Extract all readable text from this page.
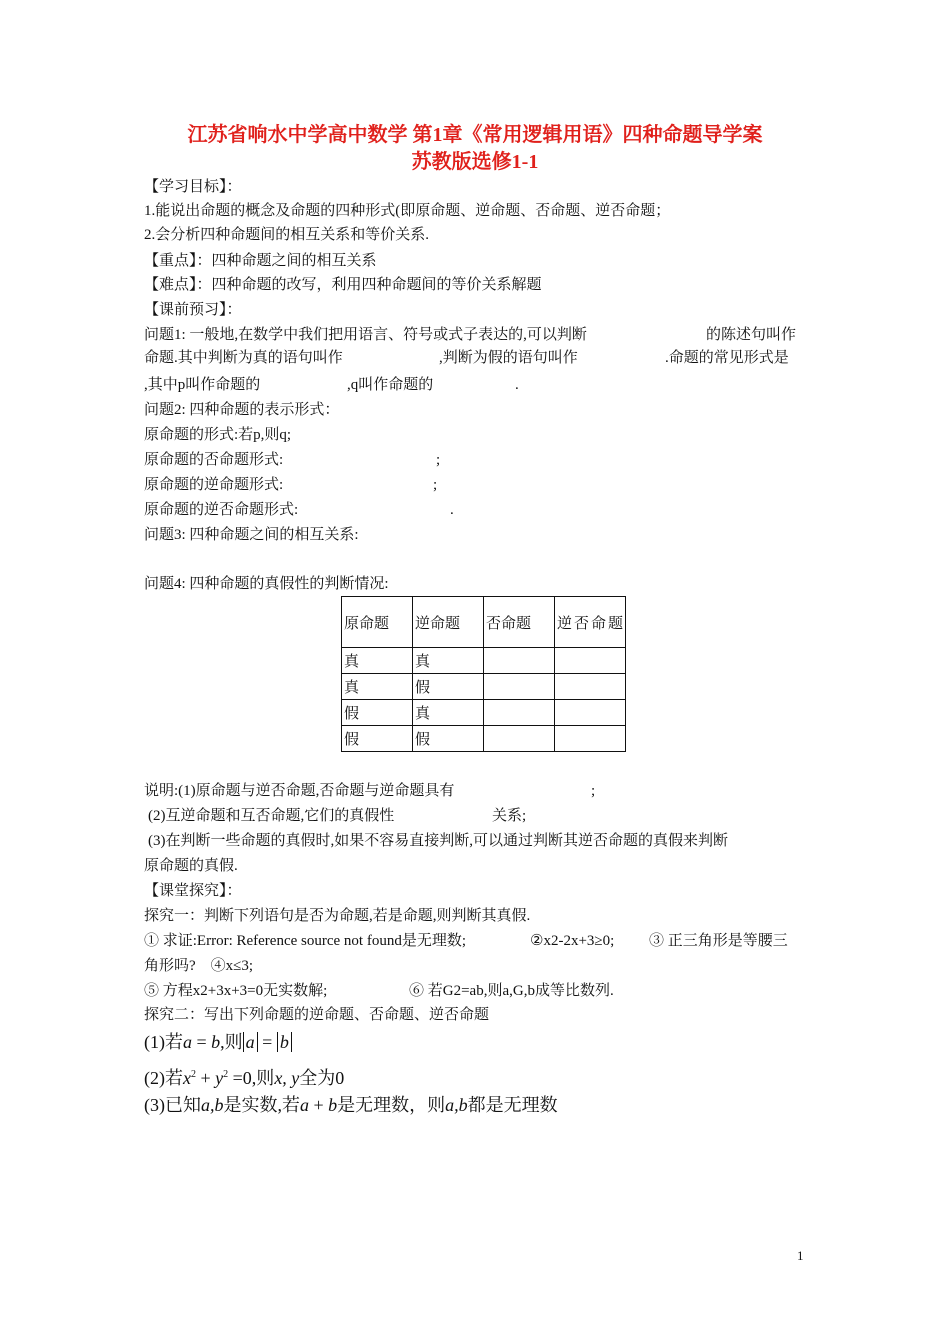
江苏省响水中学高中数学 第1章《常用逻辑用语》四种命题导学案
苏教版选修1-1
【学习目标】：
1.能说出命题的概念及命题的四种形式(即原命题、逆命题、否命题、逆否命题；
2.会分析四种命题间的相互关系和等价关系.
【重点】：四种命题之间的相互关系
【难点】：四种命题的改写，利用四种命题间的等价关系解题
【课前预习】：
问题1: 一般地,在数学中我们把用语言、符号或式子表达的,可以判断	的陈述句叫作
命题.其中判断为真的语句叫作	,判断为假的语句叫作	.命题的常见形式是
,其中p叫作命题的	,q叫作命题的	.
问题2: 四种命题的表示形式：
原命题的形式:若p,则q;
原命题的否命题形式:	;
原命题的逆命题形式:	;
原命题的逆否命题形式:	.
问题3: 四种命题之间的相互关系:
问题4: 四种命题的真假性的判断情况:
原命题	逆命题	否命题	逆否命题
真	真		
真	假		
假	真		
假	假		
说明:(1)原命题与逆否命题,否命题与逆命题具有	;
(2)互逆命题和互否命题,它们的真假性	关系;
(3)在判断一些命题的真假时,如果不容易直接判断,可以通过判断其逆否命题的真假来判断
原命题的真假.
【课堂探究】：
探究一：判断下列语句是否为命题,若是命题,则判断其真假.
① 求证:Error: Reference source not found是无理数;	②x2-2x+3≥0; ③ 正三角形是等腰三
角形吗?　④x≤3;
⑤ 方程x2+3x+3=0无实数解;	⑥ 若G2=ab,则a,G,b成等比数列.
探究二：写出下列命题的逆命题、否命题、逆否命题
(1)若a = b,则 a = b
(2)若$x^2 + y^2 =0$,则x, y全为0
(3)已知a,b是实数,若a + b是无理数，则a,b都是无理数
1
